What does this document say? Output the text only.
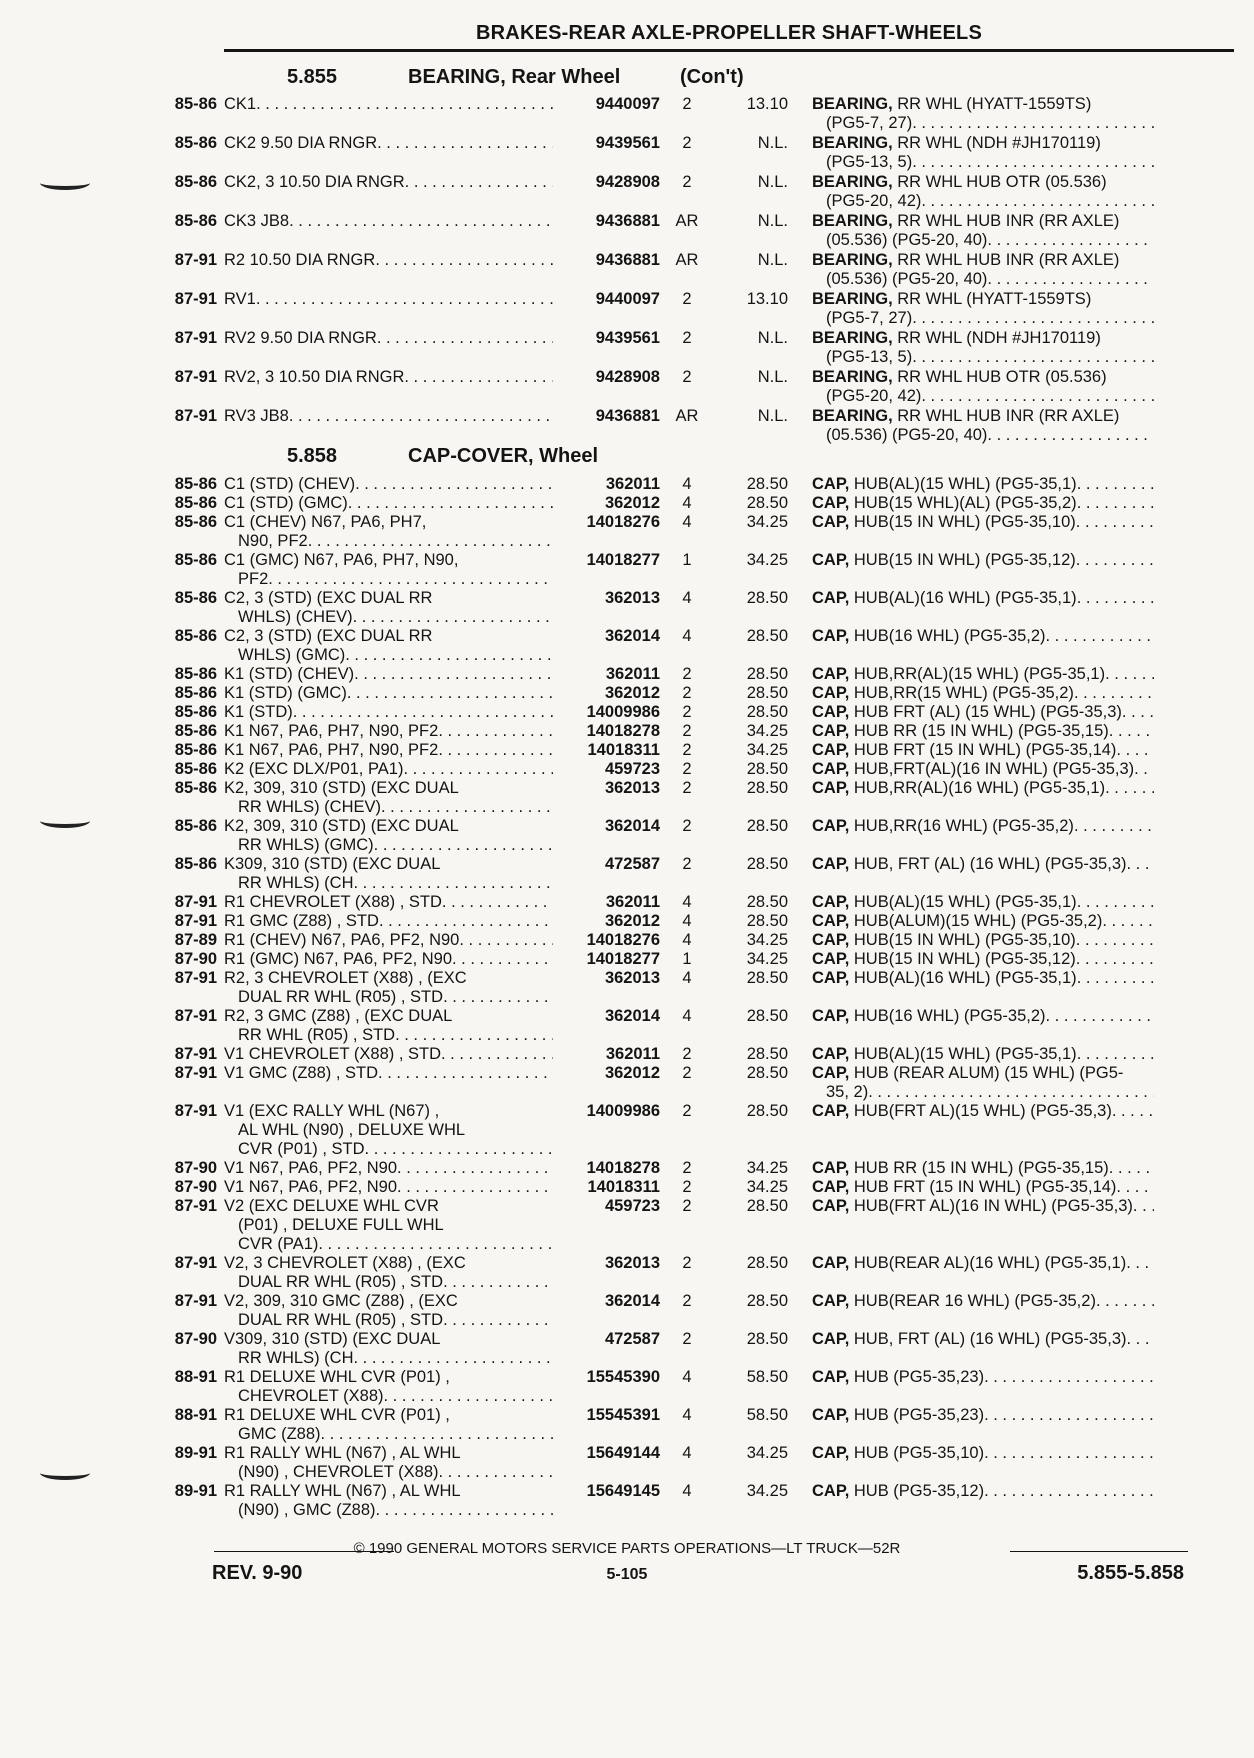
BRAKES-REAR AXLE-PROPELLER SHAFT-WHEELS
5.855	BEARING, Rear Wheel	(Con't)
85-86 CK1 . . .	9440097	2	13.10 BEARING, RR WHL (HYATT-1559TS)
(PG5-7, 27)
. . .
85-86 CK2 9.50 DIA RNGR . . .	9439561	2	N.L. BEARING, RR WHL (NDH #JH170119)
(PG5-13, 5)
. . .
85-86 CK2, 3 10.50 DIA RNGR . . .	9428908	2	N.L. BEARING, RR WHL HUB OTR (05.536)
(PG5-20, 42)
. . .
85-86 CK3 JB8 . . .	9436881 AR	N.L. BEARING, RR WHL HUB INR (RR AXLE)
(05.536) (PG5-20, 40)
. . .
87-91 R2 10.50 DIA RNGR . . .	9436881 AR	N.L. BEARING, RR WHL HUB INR (RR AXLE)
(05.536) (PG5-20, 40)
. . .
87-91 RV1 . . .	9440097	2	13.10 BEARING, RR WHL (HYATT-1559TS)
(PG5-7, 27)
. . .
87-91 RV2 9.50 DIA RNGR . . .	9439561	2	N.L. BEARING, RR WHL (NDH #JH170119)
(PG5-13, 5)
. . .
87-91 RV2, 3 10.50 DIA RNGR . . .	9428908	2	N.L. BEARING, RR WHL HUB OTR (05.536)
(PG5-20, 42)
. . .
87-91 RV3 JB8 . . .	9436881 AR	N.L. BEARING, RR WHL HUB INR (RR AXLE)
(05.536) (PG5-20, 40)
. . .
5.858	CAP-COVER, Wheel
85-86 C1 (STD) (CHEV) . . .	362011	4	28.50 CAP, HUB(AL)(15 WHL) (PG5-35,1)
. . .
85-86 C1 (STD) (GMC) . . .	362012	4	28.50 CAP, HUB(15 WHL)(AL) (PG5-35,2)
. . .
85-86 C1 (CHEV) N67, PA6, PH7,
N90, PF2
. . .
14018276	4	34.25 CAP, HUB(15 IN WHL) (PG5-35,10)
. . .
85-86 C1 (GMC) N67, PA6, PH7, N90,
PF2
. . .
14018277	1	34.25 CAP, HUB(15 IN WHL) (PG5-35,12)
. . .
85-86 C2, 3 (STD) (EXC DUAL RR
WHLS) (CHEV)
. . .
362013	4	28.50 CAP, HUB(AL)(16 WHL) (PG5-35,1)
. . .
85-86 C2, 3 (STD) (EXC DUAL RR
WHLS) (GMC)
. . .
362014	4	28.50 CAP, HUB(16 WHL) (PG5-35,2)
. . .
85-86 K1 (STD) (CHEV) . . .	362011	2	28.50 CAP, HUB,RR(AL)(15 WHL) (PG5-35,1)
. . .
85-86 K1 (STD) (GMC) . . .	362012	2	28.50 CAP, HUB,RR(15 WHL) (PG5-35,2)
. . .
85-86 K1 (STD) . . .	14009986	2	28.50 CAP, HUB FRT (AL) (15 WHL) (PG5-35,3)
. . .
85-86 K1 N67, PA6, PH7, N90, PF2 . . .	14018278	2	34.25 CAP, HUB RR (15 IN WHL) (PG5-35,15)
. . .
85-86 K1 N67, PA6, PH7, N90, PF2 . . .	14018311	2	34.25 CAP, HUB FRT (15 IN WHL) (PG5-35,14)
. . .
85-86 K2 (EXC DLX/P01, PA1) . . .	459723	2	28.50 CAP, HUB,FRT(AL)(16 IN WHL) (PG5-35,3)
. . .
85-86 K2, 309, 310 (STD) (EXC DUAL
RR WHLS) (CHEV)
. . .
362013	2	28.50 CAP, HUB,RR(AL)(16 WHL) (PG5-35,1)
. . .
85-86 K2, 309, 310 (STD) (EXC DUAL
RR WHLS) (GMC)
. . .
362014	2	28.50 CAP, HUB,RR(16 WHL) (PG5-35,2)
. . .
85-86 K309, 310 (STD) (EXC DUAL
RR WHLS) (CH
. . .
472587	2	28.50 CAP, HUB, FRT (AL) (16 WHL) (PG5-35,3)
. . .
87-91 R1 CHEVROLET (X88) , STD . . .	362011	4	28.50 CAP, HUB(AL)(15 WHL) (PG5-35,1)
. . .
87-91 R1 GMC (Z88) , STD . . .	362012	4	28.50 CAP, HUB(ALUM)(15 WHL) (PG5-35,2)
. . .
87-89 R1 (CHEV) N67, PA6, PF2, N90 . . .	14018276	4	34.25 CAP, HUB(15 IN WHL) (PG5-35,10)
. . .
87-90 R1 (GMC) N67, PA6, PF2, N90 . . .	14018277	1	34.25 CAP, HUB(15 IN WHL) (PG5-35,12)
. . .
87-91 R2, 3 CHEVROLET (X88) , (EXC
DUAL RR WHL (R05) , STD
. . .
362013	4	28.50 CAP, HUB(AL)(16 WHL) (PG5-35,1)
. . .
87-91 R2, 3 GMC (Z88) , (EXC DUAL
RR WHL (R05) , STD
. . .
362014	4	28.50 CAP, HUB(16 WHL) (PG5-35,2)
. . .
87-91 V1 CHEVROLET (X88) , STD . . .	362011	2	28.50 CAP, HUB(AL)(15 WHL) (PG5-35,1)
. . .
87-91 V1 GMC (Z88) , STD . . .	362012	2	28.50 CAP, HUB (REAR ALUM) (15 WHL) (PG5-
35, 2)
. . .
87-91 V1 (EXC RALLY WHL (N67) ,
AL WHL (N90) , DELUXE WHL
CVR (P01) , STD
. . .
14009986	2	28.50 CAP, HUB(FRT AL)(15 WHL) (PG5-35,3)
. . .
87-90 V1 N67, PA6, PF2, N90 . . .	14018278	2	34.25 CAP, HUB RR (15 IN WHL) (PG5-35,15)
. . .
87-90 V1 N67, PA6, PF2, N90 . . .	14018311	2	34.25 CAP, HUB FRT (15 IN WHL) (PG5-35,14)
. . .
87-91 V2 (EXC DELUXE WHL CVR
(P01) , DELUXE FULL WHL
CVR (PA1)
. . .
459723	2	28.50 CAP, HUB(FRT AL)(16 IN WHL) (PG5-35,3)
. . .
87-91 V2, 3 CHEVROLET (X88) , (EXC
DUAL RR WHL (R05) , STD
. . .
362013	2	28.50 CAP, HUB(REAR AL)(16 WHL) (PG5-35,1)
. . .
87-91 V2, 309, 310 GMC (Z88) , (EXC
DUAL RR WHL (R05) , STD
. . .
362014	2	28.50 CAP, HUB(REAR 16 WHL) (PG5-35,2)
. . .
87-90 V309, 310 (STD) (EXC DUAL
RR WHLS) (CH
. . .
472587	2	28.50 CAP, HUB, FRT (AL) (16 WHL) (PG5-35,3)
. . .
88-91 R1 DELUXE WHL CVR (P01) ,
CHEVROLET (X88)
. . .
15545390	4	58.50 CAP, HUB (PG5-35,23)
. . .
88-91 R1 DELUXE WHL CVR (P01) ,
GMC (Z88)
. . .
15545391	4	58.50 CAP, HUB (PG5-35,23)
. . .
89-91 R1 RALLY WHL (N67) , AL WHL
(N90) , CHEVROLET (X88)
. . .
15649144	4	34.25 CAP, HUB (PG5-35,10)
. . .
89-91 R1 RALLY WHL (N67) , AL WHL
(N90) , GMC (Z88)
. . .
15649145	4	34.25 CAP, HUB (PG5-35,12)
. . .
© 1990 GENERAL MOTORS SERVICE PARTS OPERATIONS—LT TRUCK—52R
REV. 9-90	5-105	5.855-5.858
